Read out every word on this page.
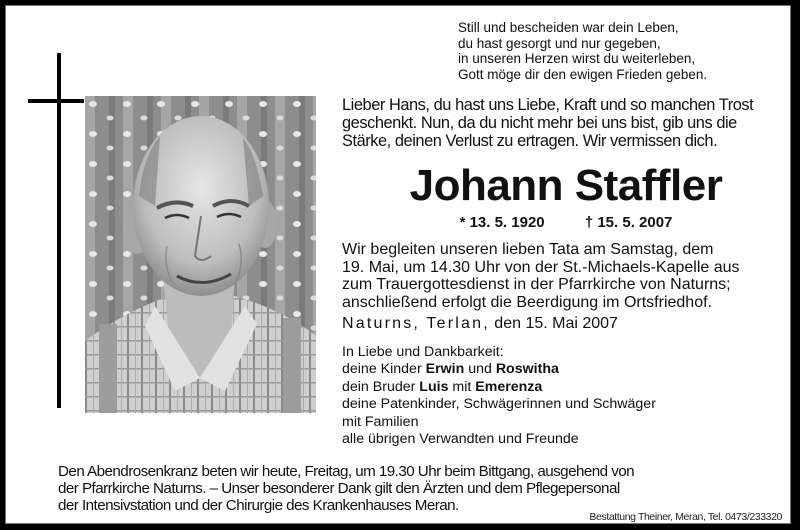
Still und bescheiden war dein Leben,
du hast gesorgt und nur gegeben,
in unseren Herzen wirst du weiterleben,
Gott möge dir den ewigen Frieden geben.
Lieber Hans, du hast uns Liebe, Kraft und so manchen Trost
geschenkt. Nun, da du nicht mehr bei uns bist, gib uns die
Stärke, deinen Verlust zu ertragen. Wir vermissen dich.
Johann Staffler
* 13. 5. 1920	† 15. 5. 2007
Wir begleiten unseren lieben Tata am Samstag, dem
19. Mai, um 14.30 Uhr von der St.-Michaels-Kapelle aus
zum Trauergottesdienst in der Pfarrkirche von Naturns;
anschließend erfolgt die Beerdigung im Ortsfriedhof.
Naturns, Terlan, den 15. Mai 2007
In Liebe und Dankbarkeit:
deine Kinder Erwin und Roswitha
dein Bruder Luis mit Emerenza
deine Patenkinder, Schwägerinnen und Schwäger
mit Familien
alle übrigen Verwandten und Freunde
Den Abendrosenkranz beten wir heute, Freitag, um 19.30 Uhr beim Bittgang, ausgehend von
der Pfarrkirche Naturns. – Unser besonderer Dank gilt den Ärzten und dem Pflegepersonal
der Intensivstation und der Chirurgie des Krankenhauses Meran.
Bestattung Theiner, Meran, Tel. 0473/233320
